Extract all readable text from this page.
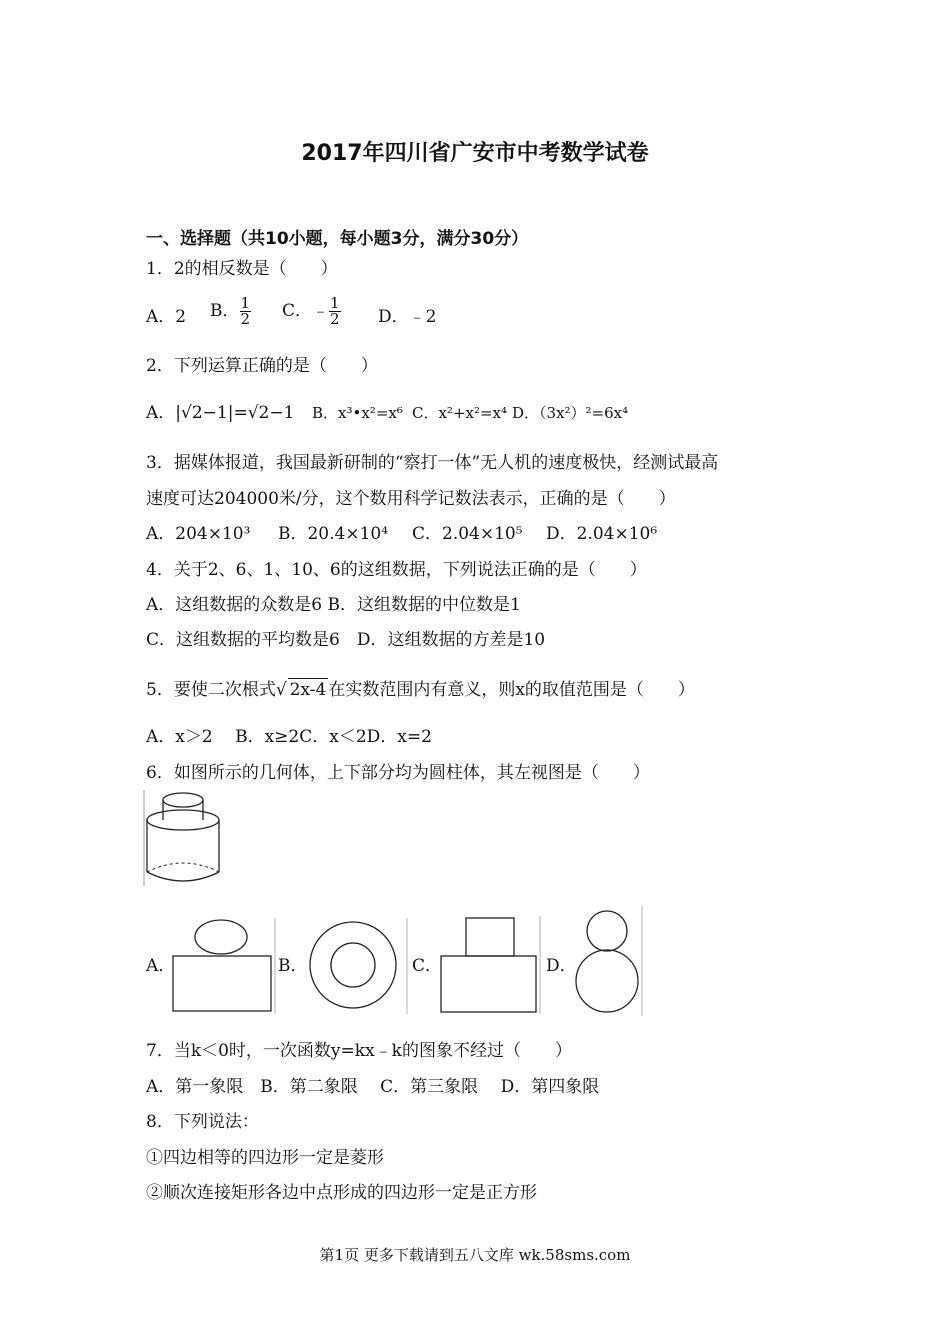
2017年四川省广安市中考数学试卷
一、选择题（共10小题，每小题3分，满分30分）
1．2的相反数是（　　）
A．2 B． $\frac{1}{2}$ C．﹣ $\frac{1}{2}$ D．﹣2
2．下列运算正确的是（　　）
A．|√2−1|=√2−1 B．x³•x²=x⁶ C．x²+x²=x⁴ D．（3x²）²=6x⁴
3．据媒体报道，我国最新研制的“察打一体”无人机的速度极快，经测试最高
速度可达204000米/分，这个数用科学记数法表示，正确的是（　　）
A．204×10³ B．20.4×10⁴ C．2.04×10⁵ D．2.04×10⁶
4．关于2、6、1、10、6的这组数据，下列说法正确的是（　　）
A．这组数据的众数是6 B．这组数据的中位数是1
C．这组数据的平均数是6　D．这组数据的方差是10
5．要使二次根式√ 2x-4 在实数范围内有意义，则x的取值范围是（　　）
A．x＞2　 B．x≥2C．x＜2D．x=2
6．如图所示的几何体，上下部分均为圆柱体，其左视图是（　　）
A．	B．	C．	D．
7．当k＜0时，一次函数y=kx﹣k的图象不经过（　　）
A．第一象限　B．第二象限　 C．第三象限　 D．第四象限
8．下列说法：
①四边相等的四边形一定是菱形
②顺次连接矩形各边中点形成的四边形一定是正方形
第1页 更多下载请到五八文库 wk.58sms.com
